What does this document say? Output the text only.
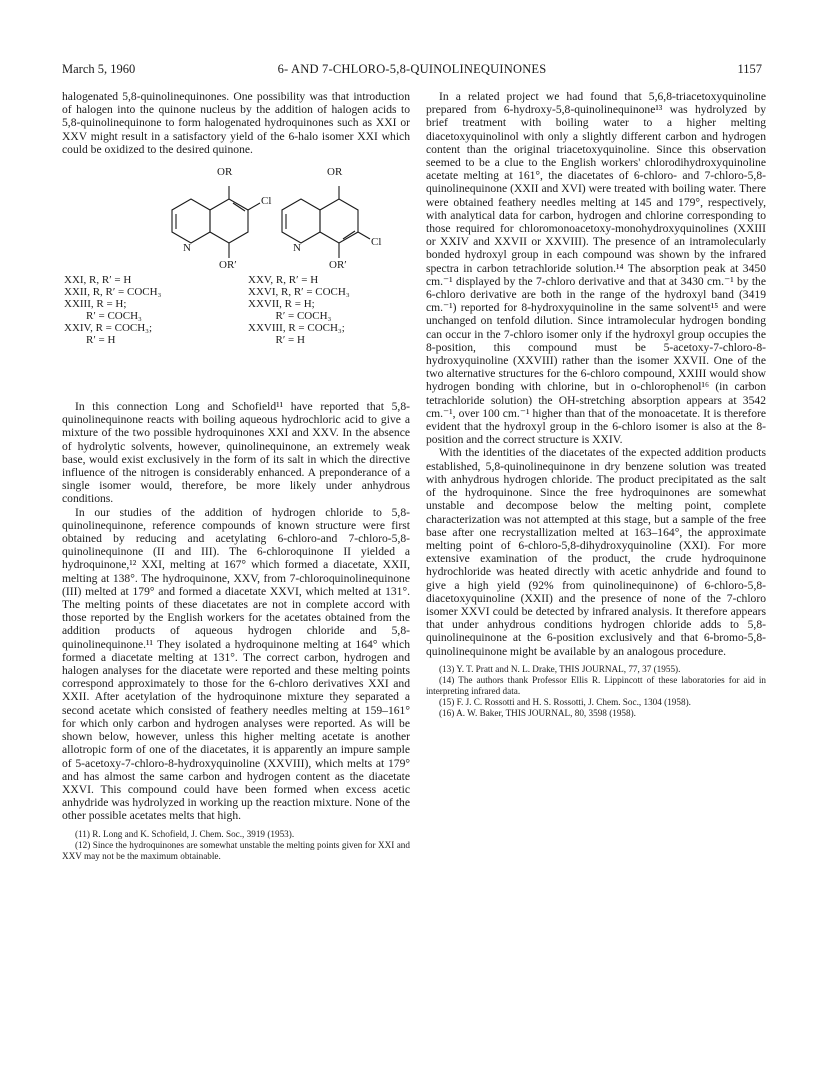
March 5, 1960	6- AND 7-CHLORO-5,8-QUINOLINEQUINONES	1157

halogenated 5,8-quinolinequinones. One possibility was that introduction of halogen into the quinone nucleus by the addition of halogen acids to 5,8-quinolinequinone to form halogenated hydroquinones such as XXI or XXV might result in a satisfactory yield of the 6-halo isomer XXI which could be oxidized to the desired quinone.

OR
Cl
N
OR′
OR
Cl
N
OR′
XXI, R, R′ = H
XXII, R, R′ = COCH₃
XXIII, R = H;
R′ = COCH₃
XXIV, R = COCH₃;
R′ = H
XXV, R, R′ = H
XXVI, R, R′ = COCH₃
XXVII, R = H;
R′ = COCH₃
XXVIII, R = COCH₃;
R′ = H

In this connection Long and Schofield¹¹ have reported that 5,8-quinolinequinone reacts with boiling aqueous hydrochloric acid to give a mixture of the two possible hydroquinones XXI and XXV. In the absence of hydrolytic solvents, however, quinolinequinone, an extremely weak base, would exist exclusively in the form of its salt in which the directive influence of the nitrogen is considerably enhanced. A preponderance of a single isomer would, therefore, be more likely under anhydrous conditions.

In our studies of the addition of hydrogen chloride to 5,8-quinolinequinone, reference compounds of known structure were first obtained by reducing and acetylating 6-chloro-and 7-chloro-5,8-quinolinequinone (II and III). The 6-chloroquinone II yielded a hydroquinone,¹² XXI, melting at 167° which formed a diacetate, XXII, melting at 138°. The hydroquinone, XXV, from 7-chloroquinolinequinone (III) melted at 179° and formed a diacetate XXVI, which melted at 131°. The melting points of these diacetates are not in complete accord with those reported by the English workers for the acetates obtained from the addition products of aqueous hydrogen chloride and 5,8-quinolinequinone.¹¹ They isolated a hydroquinone melting at 164° which formed a diacetate melting at 131°. The correct carbon, hydrogen and halogen analyses for the diacetate were reported and these melting points correspond approximately to those for the 6-chloro derivatives XXI and XXII. After acetylation of the hydroquinone mixture they separated a second acetate which consisted of feathery needles melting at 159–161° for which only carbon and hydrogen analyses were reported. As will be shown below, however, unless this higher melting acetate is another allotropic form of one of the diacetates, it is apparently an impure sample of 5-acetoxy-7-chloro-8-hydroxyquinoline (XXVIII), which melts at 179° and has almost the same carbon and hydrogen content as the diacetate XXVI. This compound could have been formed when excess acetic anhydride was hydrolyzed in working up the reaction mixture. None of the other possible acetates melts that high.

(11) R. Long and K. Schofield, J. Chem. Soc., 3919 (1953).

(12) Since the hydroquinones are somewhat unstable the melting points given for XXI and XXV may not be the maximum obtainable.

In a related project we had found that 5,6,8-triacetoxyquinoline prepared from 6-hydroxy-5,8-quinolinequinone¹³ was hydrolyzed by brief treatment with boiling water to a higher melting diacetoxyquinolinol with only a slightly different carbon and hydrogen content than the original triacetoxyquinoline. Since this observation seemed to be a clue to the English workers' chlorodihydroxyquinoline acetate melting at 161°, the diacetates of 6-chloro- and 7-chloro-5,8-quinolinequinone (XXII and XVI) were treated with boiling water. There were obtained feathery needles melting at 145 and 179°, respectively, with analytical data for carbon, hydrogen and chlorine corresponding to those required for chloromonoacetoxy-monohydroxyquinolines (XXIII or XXIV and XXVII or XXVIII). The presence of an intramolecularly bonded hydroxyl group in each compound was shown by the infrared spectra in carbon tetrachloride solution.¹⁴ The absorption peak at 3450 cm.⁻¹ displayed by the 7-chloro derivative and that at 3430 cm.⁻¹ by the 6-chloro derivative are both in the range of the hydroxyl band (3419 cm.⁻¹) reported for 8-hydroxyquinoline in the same solvent¹⁵ and were unchanged on tenfold dilution. Since intramolecular hydrogen bonding can occur in the 7-chloro isomer only if the hydroxyl group occupies the 8-position, this compound must be 5-acetoxy-7-chloro-8-hydroxyquinoline (XXVIII) rather than the isomer XXVII. One of the two alternative structures for the 6-chloro compound, XXIII would show hydrogen bonding with chlorine, but in o-chlorophenol¹⁶ (in carbon tetrachloride solution) the OH-stretching absorption appears at 3542 cm.⁻¹, over 100 cm.⁻¹ higher than that of the monoacetate. It is therefore evident that the hydroxyl group in the 6-chloro isomer is also at the 8-position and the correct structure is XXIV.

With the identities of the diacetates of the expected addition products established, 5,8-quinolinequinone in dry benzene solution was treated with anhydrous hydrogen chloride. The product precipitated as the salt of the hydroquinone. Since the free hydroquinones are somewhat unstable and decompose below the melting point, complete characterization was not attempted at this stage, but a sample of the free base after one recrystallization melted at 163–164°, the approximate melting point of 6-chloro-5,8-dihydroxyquinoline (XXI). For more extensive examination of the product, the crude hydroquinone hydrochloride was heated directly with acetic anhydride and found to give a high yield (92% from quinolinequinone) of 6-chloro-5,8-diacetoxyquinoline (XXII) and the presence of none of the 7-chloro isomer XXVI could be detected by infrared analysis. It therefore appears that under anhydrous conditions hydrogen chloride adds to 5,8-quinolinequinone at the 6-position exclusively and that 6-bromo-5,8-quinolinequinone might be available by an analogous procedure.

(13) Y. T. Pratt and N. L. Drake, THIS JOURNAL, 77, 37 (1955).

(14) The authors thank Professor Ellis R. Lippincott of these laboratories for aid in interpreting infrared data.

(15) F. J. C. Rossotti and H. S. Rossotti, J. Chem. Soc., 1304 (1958).

(16) A. W. Baker, THIS JOURNAL, 80, 3598 (1958).
